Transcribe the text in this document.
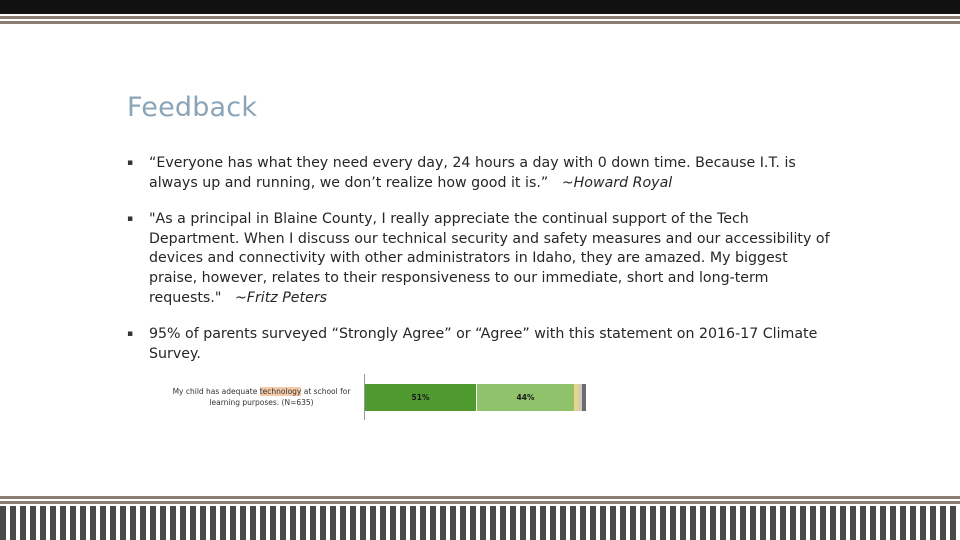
Feedback
▪ “Everyone has what they need every day, 24 hours a day with 0 down time. Because I.T. is always up and running, we don’t realize how good it is.” ~Howard Royal
▪ "As a principal in Blaine County, I really appreciate the continual support of the Tech Department. When I discuss our technical security and safety measures and our accessibility of devices and connectivity with other administrators in Idaho, they are amazed. My biggest praise, however, relates to their responsiveness to our immediate, short and long-term requests." ~Fritz Peters
▪ 95% of parents surveyed “Strongly Agree” or “Agree” with this statement on 2016-17 Climate Survey.
My child has adequate technology at school for learning purposes. (N=635)
51%	44%
